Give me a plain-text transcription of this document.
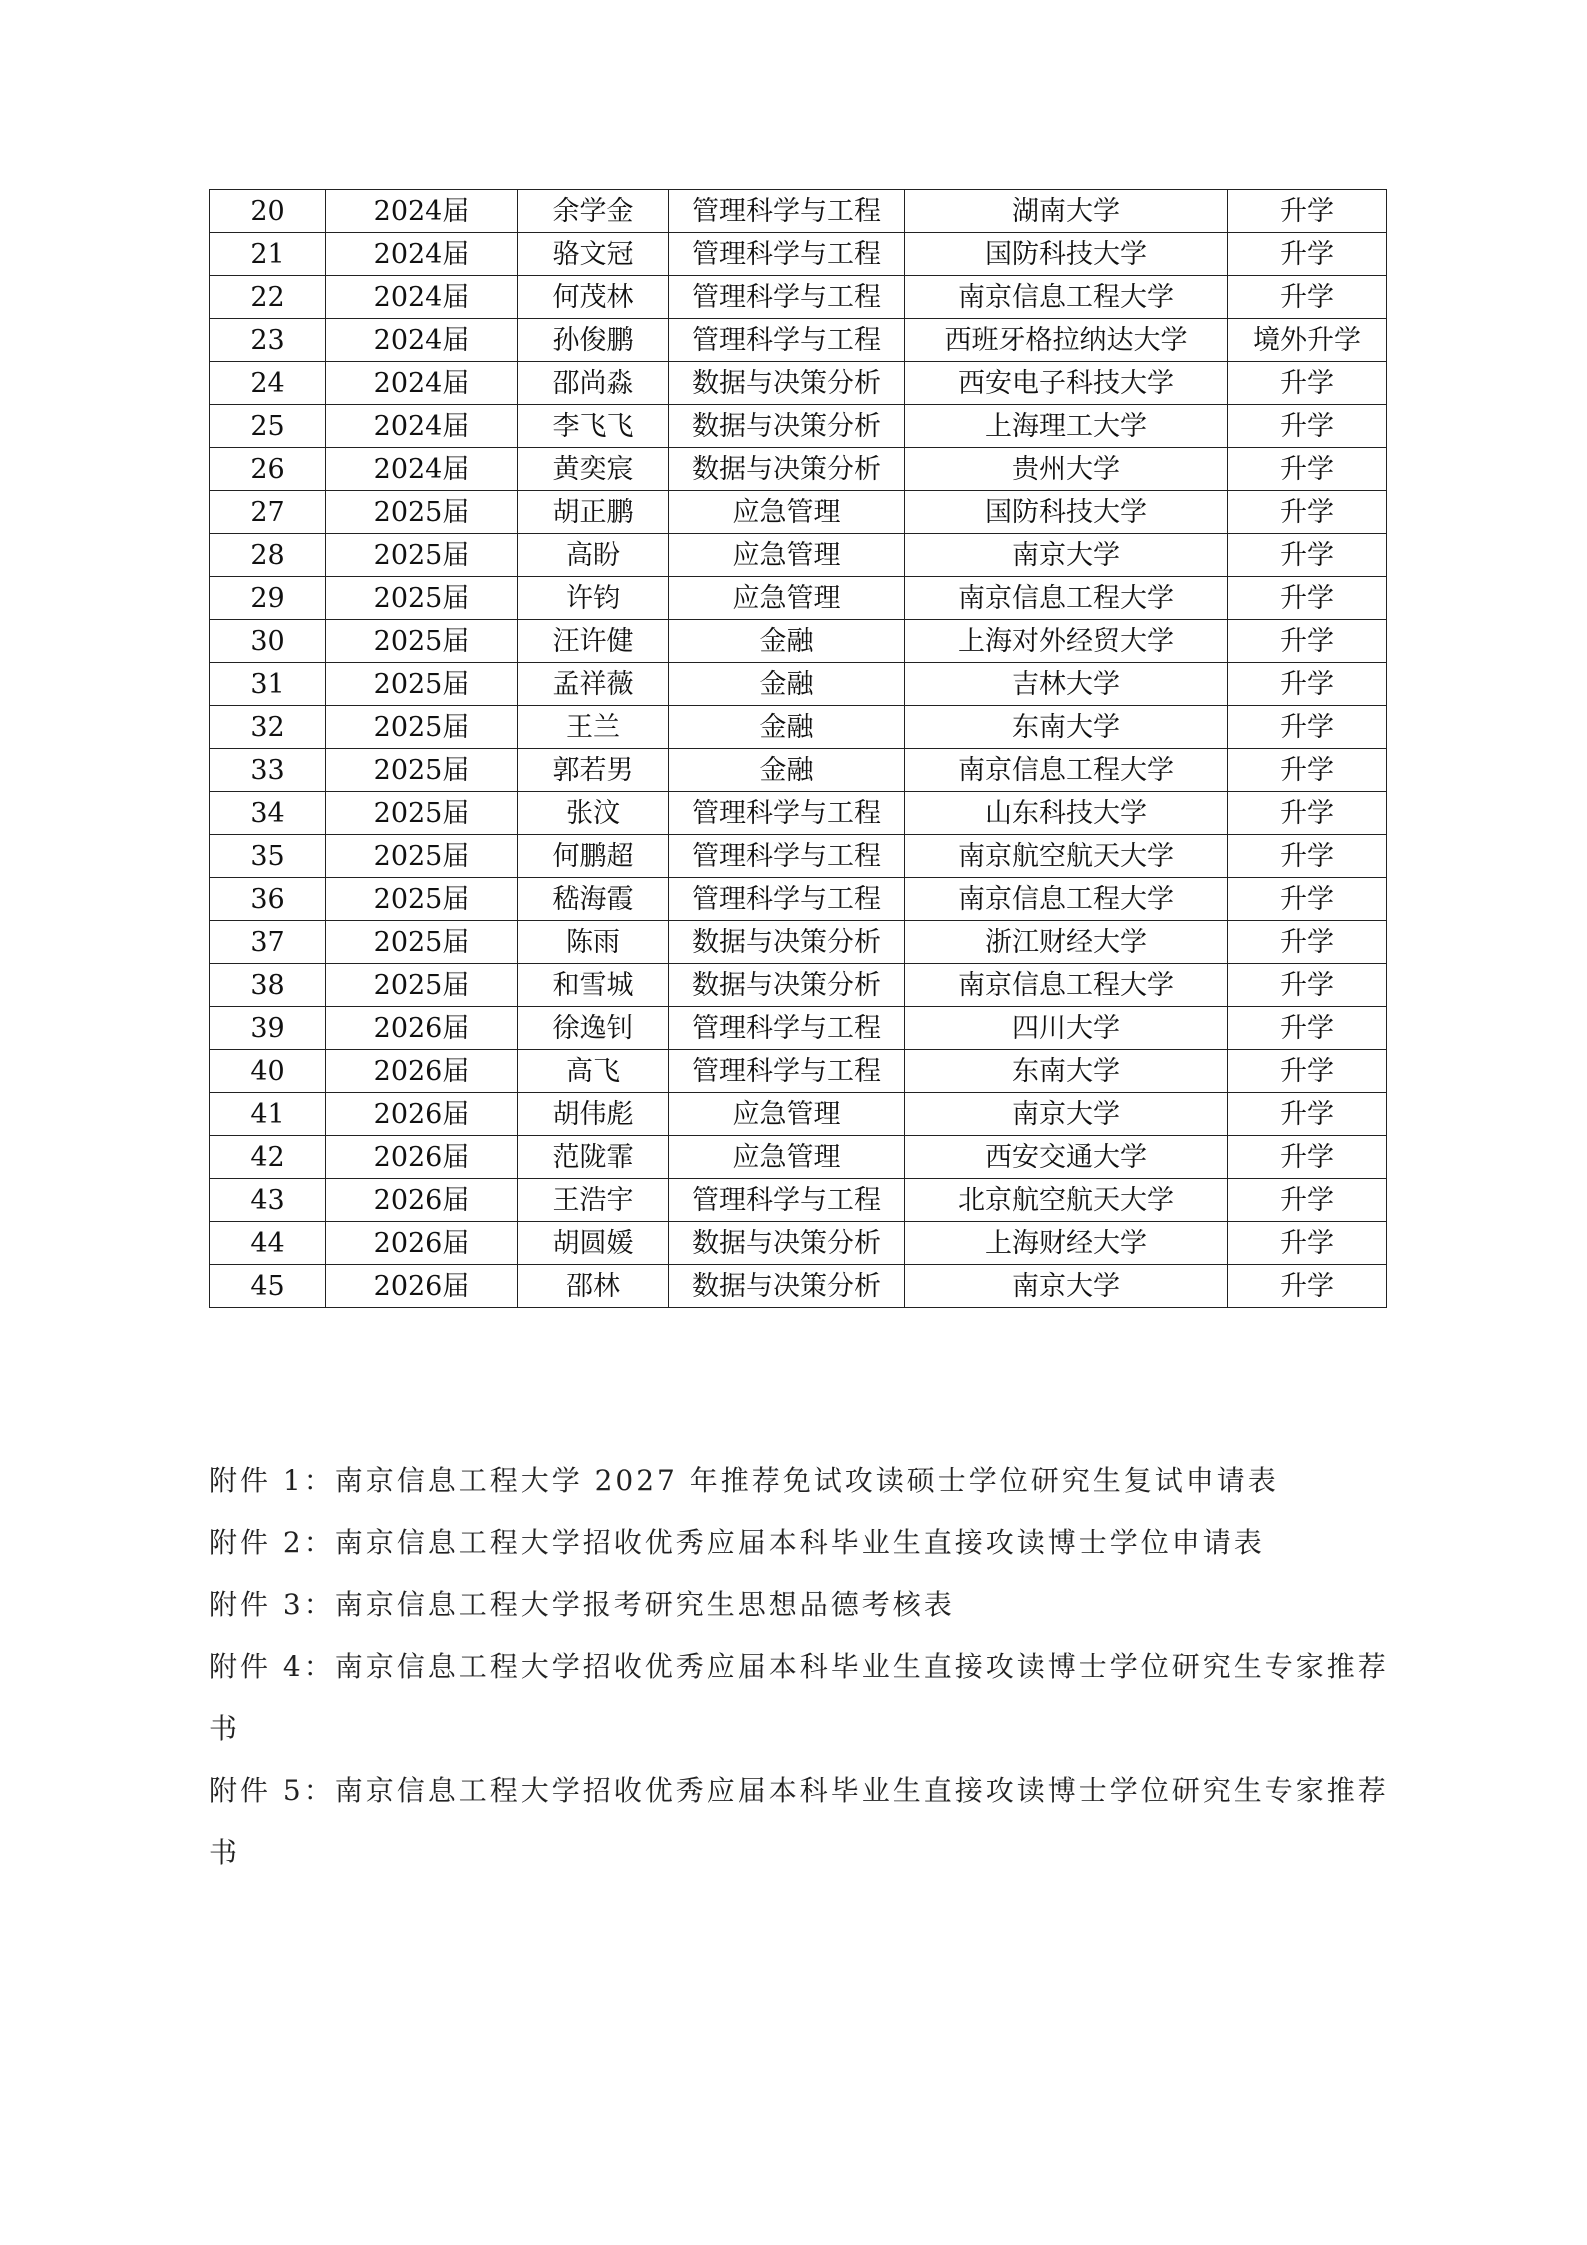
20	2024届	余学金	管理科学与工程	湖南大学	升学
21	2024届	骆文冠	管理科学与工程	国防科技大学	升学
22	2024届	何茂林	管理科学与工程	南京信息工程大学	升学
23	2024届	孙俊鹏	管理科学与工程	西班牙格拉纳达大学	境外升学
24	2024届	邵尚淼	数据与决策分析	西安电子科技大学	升学
25	2024届	李飞飞	数据与决策分析	上海理工大学	升学
26	2024届	黄奕宸	数据与决策分析	贵州大学	升学
27	2025届	胡正鹏	应急管理	国防科技大学	升学
28	2025届	高盼	应急管理	南京大学	升学
29	2025届	许钧	应急管理	南京信息工程大学	升学
30	2025届	汪许健	金融	上海对外经贸大学	升学
31	2025届	孟祥薇	金融	吉林大学	升学
32	2025届	王兰	金融	东南大学	升学
33	2025届	郭若男	金融	南京信息工程大学	升学
34	2025届	张汶	管理科学与工程	山东科技大学	升学
35	2025届	何鹏超	管理科学与工程	南京航空航天大学	升学
36	2025届	嵇海霞	管理科学与工程	南京信息工程大学	升学
37	2025届	陈雨	数据与决策分析	浙江财经大学	升学
38	2025届	和雪城	数据与决策分析	南京信息工程大学	升学
39	2026届	徐逸钊	管理科学与工程	四川大学	升学
40	2026届	高飞	管理科学与工程	东南大学	升学
41	2026届	胡伟彪	应急管理	南京大学	升学
42	2026届	范陇霏	应急管理	西安交通大学	升学
43	2026届	王浩宇	管理科学与工程	北京航空航天大学	升学
44	2026届	胡圆媛	数据与决策分析	上海财经大学	升学
45	2026届	邵林	数据与决策分析	南京大学	升学

附件 1：南京信息工程大学 2027 年推荐免试攻读硕士学位研究生复试申请表

附件 2：南京信息工程大学招收优秀应届本科毕业生直接攻读博士学位申请表

附件 3：南京信息工程大学报考研究生思想品德考核表

附件 4：南京信息工程大学招收优秀应届本科毕业生直接攻读博士学位研究生专家推荐书

附件 5：南京信息工程大学招收优秀应届本科毕业生直接攻读博士学位研究生专家推荐书
